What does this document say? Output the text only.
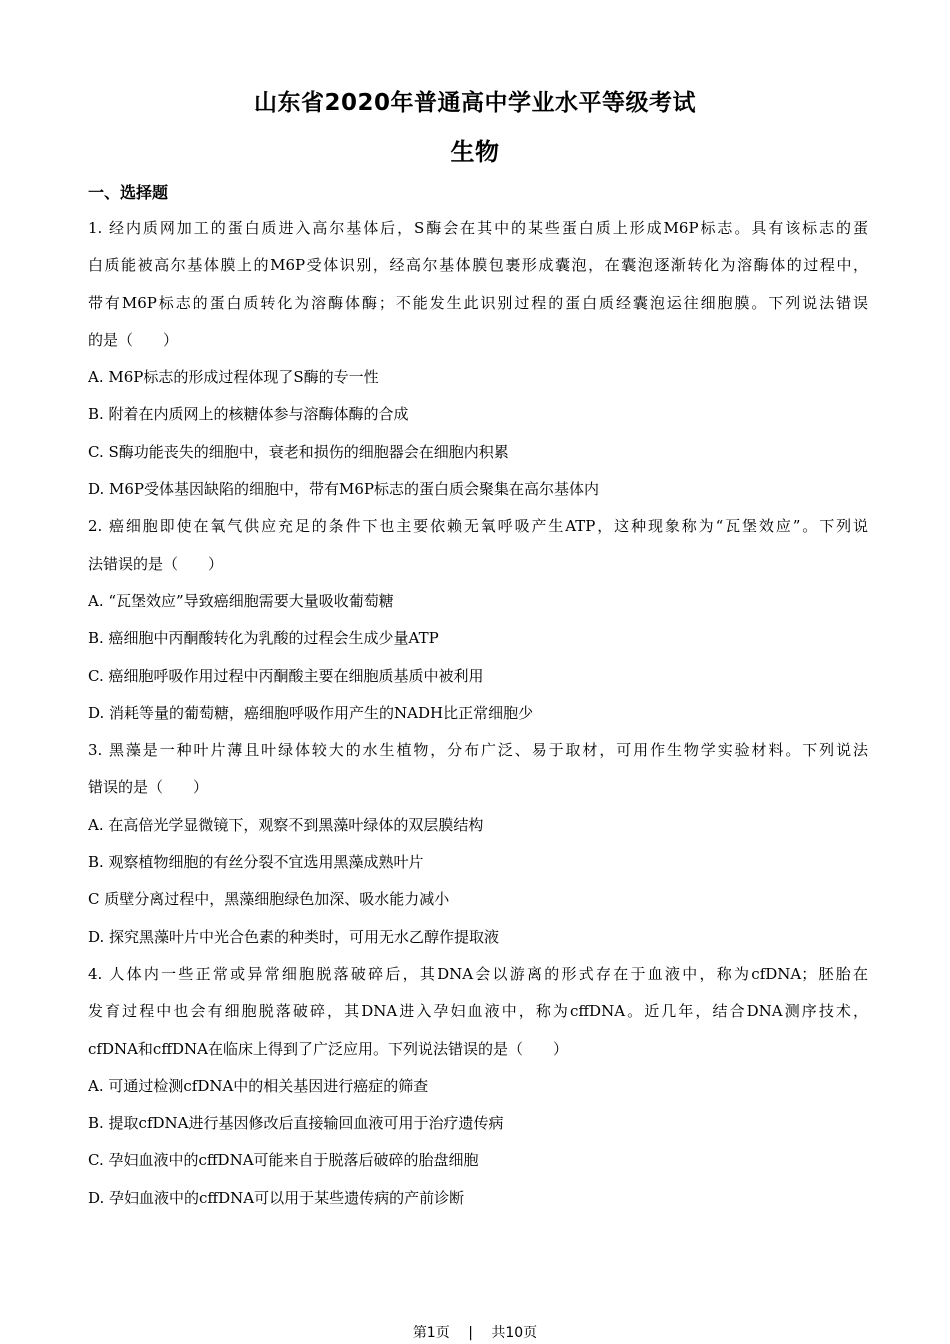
山东省2020年普通高中学业水平等级考试
生物
一、选择题
1. 经内质网加工的蛋白质进入高尔基体后，S酶会在其中的某些蛋白质上形成M6P标志。具有该标志的蛋
白质能被高尔基体膜上的M6P受体识别，经高尔基体膜包裹形成囊泡，在囊泡逐渐转化为溶酶体的过程中，
带有M6P标志的蛋白质转化为溶酶体酶；不能发生此识别过程的蛋白质经囊泡运往细胞膜。下列说法错误
的是（　　）
A. M6P标志的形成过程体现了S酶的专一性
B. 附着在内质网上的核糖体参与溶酶体酶的合成
C. S酶功能丧失的细胞中，衰老和损伤的细胞器会在细胞内积累
D. M6P受体基因缺陷的细胞中，带有M6P标志的蛋白质会聚集在高尔基体内
2. 癌细胞即使在氧气供应充足的条件下也主要依赖无氧呼吸产生ATP，这种现象称为“瓦堡效应”。下列说
法错误的是（　　）
A. “瓦堡效应”导致癌细胞需要大量吸收葡萄糖
B. 癌细胞中丙酮酸转化为乳酸的过程会生成少量ATP
C. 癌细胞呼吸作用过程中丙酮酸主要在细胞质基质中被利用
D. 消耗等量的葡萄糖，癌细胞呼吸作用产生的NADH比正常细胞少
3. 黑藻是一种叶片薄且叶绿体较大的水生植物，分布广泛、易于取材，可用作生物学实验材料。下列说法
错误的是（　　）
A. 在高倍光学显微镜下，观察不到黑藻叶绿体的双层膜结构
B. 观察植物细胞的有丝分裂不宜选用黑藻成熟叶片
C 质壁分离过程中，黑藻细胞绿色加深、吸水能力减小
D. 探究黑藻叶片中光合色素的种类时，可用无水乙醇作提取液
4. 人体内一些正常或异常细胞脱落破碎后，其DNA会以游离的形式存在于血液中，称为cfDNA；胚胎在
发育过程中也会有细胞脱落破碎，其DNA进入孕妇血液中，称为cffDNA。近几年，结合DNA测序技术，
cfDNA和cffDNA在临床上得到了广泛应用。下列说法错误的是（　　）
A. 可通过检测cfDNA中的相关基因进行癌症的筛查
B. 提取cfDNA进行基因修改后直接输回血液可用于治疗遗传病
C. 孕妇血液中的cffDNA可能来自于脱落后破碎的胎盘细胞
D. 孕妇血液中的cffDNA可以用于某些遗传病的产前诊断
第1页 | 共10页
